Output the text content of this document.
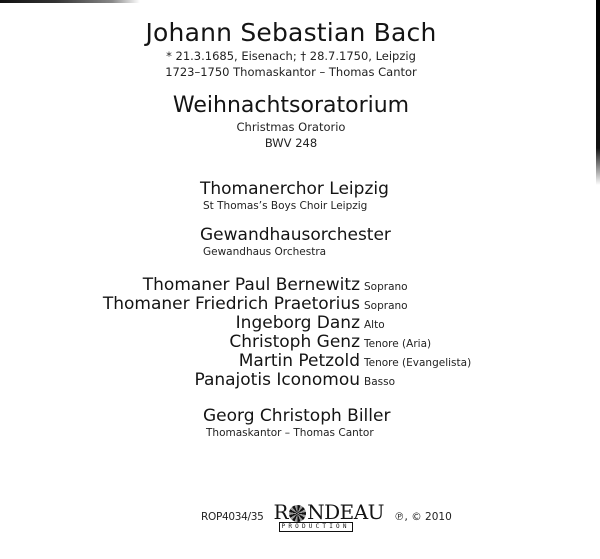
Johann Sebastian Bach
* 21.3.1685, Eisenach; † 28.7.1750, Leipzig
1723–1750 Thomaskantor – Thomas Cantor
Weihnachtsoratorium
Christmas Oratorio
BWV 248
Thomanerchor Leipzig
St Thomas’s Boys Choir Leipzig
Gewandhausorchester
Gewandhaus Orchestra
Thomaner Paul Bernewitz Soprano
Thomaner Friedrich Praetorius Soprano
Ingeborg Danz Alto
Christoph Genz Tenore (Aria)
Martin Petzold Tenore (Evangelista)
Panajotis Iconomou Basso
Georg Christoph Biller
Thomaskantor – Thomas Cantor
ROP4034/35 R NDEAU
PRODUCTION
℗, © 2010
